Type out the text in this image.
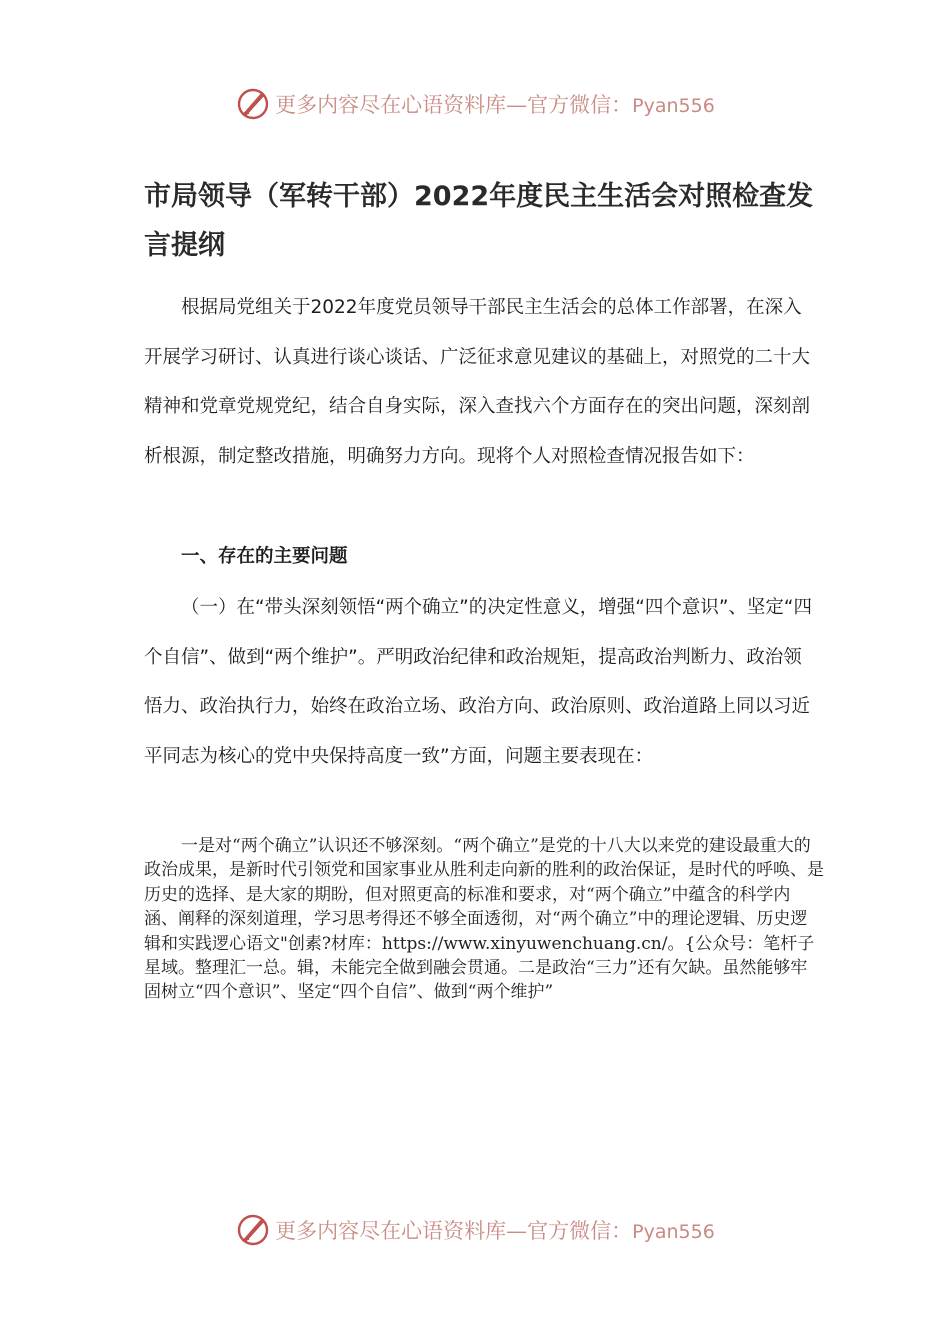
更多内容尽在心语资料库—官方微信：Pyan556
市局领导（军转干部）2022年度民主生活会对照检查发言提纲

根据局党组关于2022年度党员领导干部民主生活会的总体工作部署，在深入开展学习研讨、认真进行谈心谈话、广泛征求意见建议的基础上，对照党的二十大精神和党章党规党纪，结合自身实际，深入查找六个方面存在的突出问题，深刻剖析根源，制定整改措施，明确努力方向。现将个人对照检查情况报告如下：

一、存在的主要问题

（一）在“带头深刻领悟“两个确立”的决定性意义，增强“四个意识”、坚定“四个自信”、做到“两个维护”。严明政治纪律和政治规矩，提高政治判断力、政治领悟力、政治执行力，始终在政治立场、政治方向、政治原则、政治道路上同以习近平同志为核心的党中央保持高度一致”方面，问题主要表现在：

一是对“两个确立”认识还不够深刻。“两个确立”是党的十八大以来党的建设最重大的政治成果，是新时代引领党和国家事业从胜利走向新的胜利的政治保证，是时代的呼唤、是历史的选择、是大家的期盼，但对照更高的标准和要求，对“两个确立”中蕴含的科学内涵、阐释的深刻道理，学习思考得还不够全面透彻，对“两个确立”中的理论逻辑、历史逻辑和实践逻心语文"创素?材库：https://www.xinyuwenchuang.cn/。{公众号：笔杆子星域。整理汇一总。辑，未能完全做到融会贯通。二是政治“三力”还有欠缺。虽然能够牢固树立“四个意识”、坚定“四个自信”、做到“两个维护”

更多内容尽在心语资料库—官方微信：Pyan556
